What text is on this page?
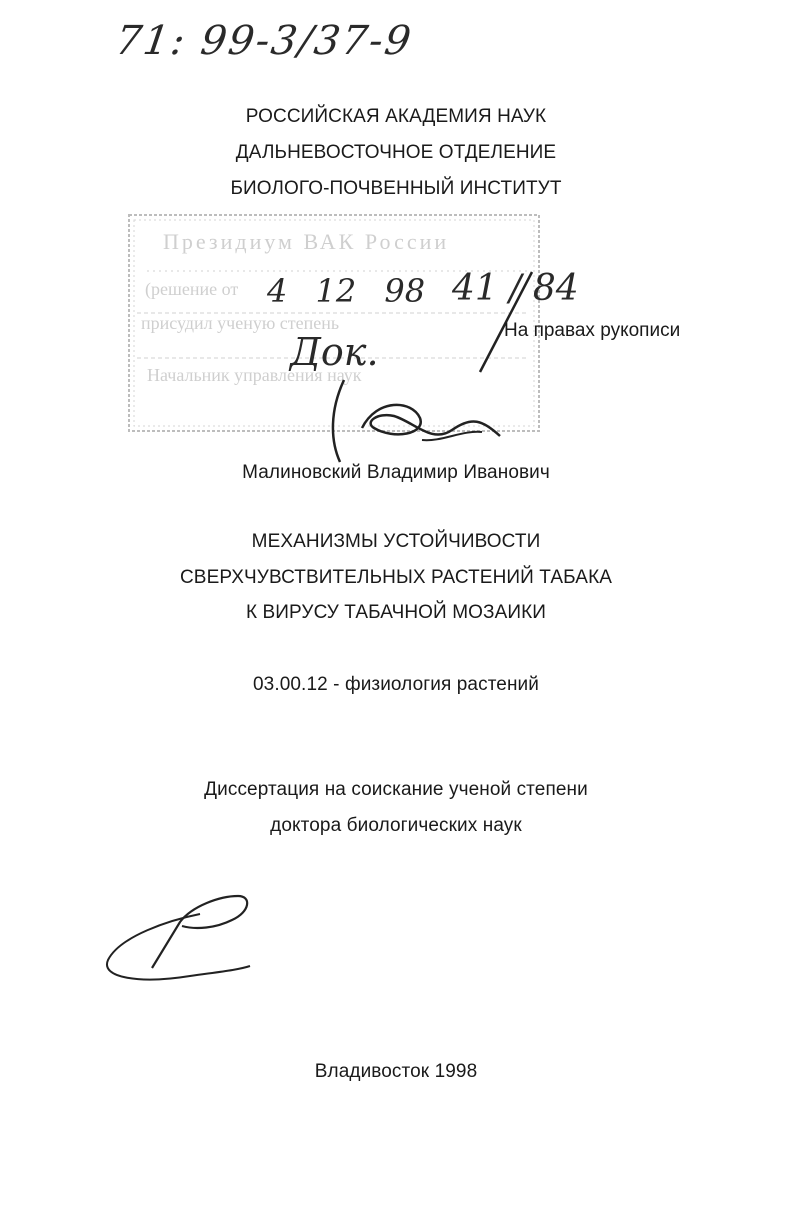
71: 99-3/37-9
РОССИЙСКАЯ АКАДЕМИЯ НАУК
ДАЛЬНЕВОСТОЧНОЕ ОТДЕЛЕНИЕ
БИОЛОГО-ПОЧВЕННЫЙ ИНСТИТУТ
Президиум ВАК России
(решение от
присудил ученую степень
Начальник управления наук
4 12 98 41 / 84
Док.	На правах рукописи
Малиновский Владимир Иванович
МЕХАНИЗМЫ УСТОЙЧИВОСТИ
СВЕРХЧУВСТВИТЕЛЬНЫХ РАСТЕНИЙ ТАБАКА
К ВИРУСУ ТАБАЧНОЙ МОЗАИКИ
03.00.12 - физиология растений
Диссертация на соискание ученой степени
доктора биологических наук
Владивосток 1998
